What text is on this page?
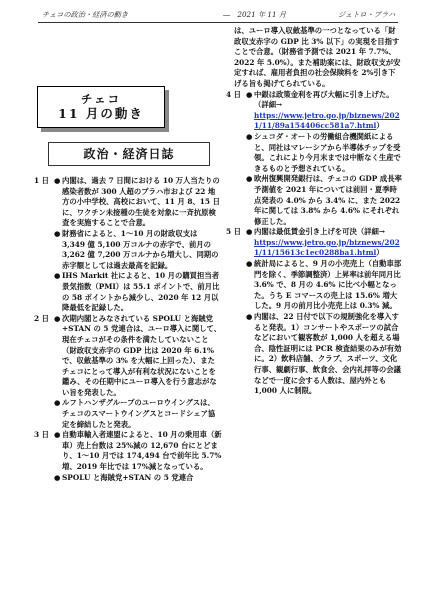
チェコの政治・経済の動き	―　2021 年 11 月	ジェトロ・プラハ
チェコ
11 月の動き
政治・経済日誌
1 日 ● 内閣は、過去 7 日間における 10 万人当たりの感染者数が 300 人超のプラハ市および 22 地方の小中学校、高校において、11 月 8、15 日に、ワクチン未接種の生徒を対象に一斉抗原検査を実施することで合意。
● 財務省によると、1～10 月の財政収支は 3,349 億 5,100 万コルナの赤字で、前月の 3,262 億 7,200 万コルナから増大し、同期の赤字額としては過去最高を記録。
● IHS Markit 社によると、10 月の購買担当者景気指数（PMI）は 55.1 ポイントで、前月比の 58 ポイントから減少し、2020 年 12 月以降最低を記録した。
2 日 ● 次期内閣とみなされている SPOLU と海賊党+STAN の 5 党連合は、ユーロ導入に関して、現在チェコがその条件を満たしていないこと（財政収支赤字の GDP 比は 2020 年 6.1% で、収斂基準の 3% を大幅に上回った）、またチェコにとって導入が有利な状況にないことを鑑み、その任期中にユーロ導入を行う意志がない旨を発表した。
● ルフトハンザグループのユーロウイングスは、チェコのスマートウイングスとコードシェア協定を締結したと発表。
3 日 ● 自動車輸入者連盟によると、10 月の乗用車（新車）売上台数は 25%減の 12,670 台にとどまり、1～10 月では 174,494 台で前年比 5.7%増、2019 年比では 17%減となっている。
● SPOLU と海賊党+STAN の 5 党連合
は、ユーロ導入収斂基準の一つとなっている「財政収支赤字の GDP 比 3% 以下」の実現を目指すことで合意。（財務省予測では 2021 年 7.7%、2022 年 5.0%）。また補助案には、財政収支が安定すれば、雇用者負担の社会保険料を 2%引き下げる旨も掲げてられている。
4 日 ● 中銀は政策金利を再び大幅に引き上げた。（詳細→
https://www.jetro.go.jp/biznews/2021/11/89a154406cc581a7.html）
● シュコダ・オートの労働組合機関紙によると、同社はマレーシアから半導体チップを受領。これにより今月末までは中断なく生産できるものと予想されている。
● 欧州復興開発銀行は、チェコの GDP 成長率予測値を 2021 年については前回・夏季時点発表の 4.0% から 3.4% に、また 2022 年に関しては 3.8% から 4.6% にそれぞれ修正した。
5 日 ● 内閣は最低賃金引き上げを可決（詳細→
https://www.jetro.go.jp/biznews/2021/11/15613c1ec0288ba1.html）
● 統計局によると、9 月の小売売上（自動車部門を除く、季節調整済）上昇率は前年同月比 3.6% で、8 月の 4.6% に比べ小幅となった。うち E コマースの売上は 15.6% 増大した。9 月の前月比小売売上は 0.3% 減。
● 内閣は、22 日付で以下の規制強化を導入すると発表。1）コンサートやスポーツの試合などにおいて観客数が 1,000 人を超える場合、陰性証明には PCR 検査結果のみが有効に。2）飲料店舗、クラブ、スポーツ、文化行事、観劇行事、飲食会、会内礼拝等の会議などで一度に会する人数は、屋内外とも 1,000 人に制限。
